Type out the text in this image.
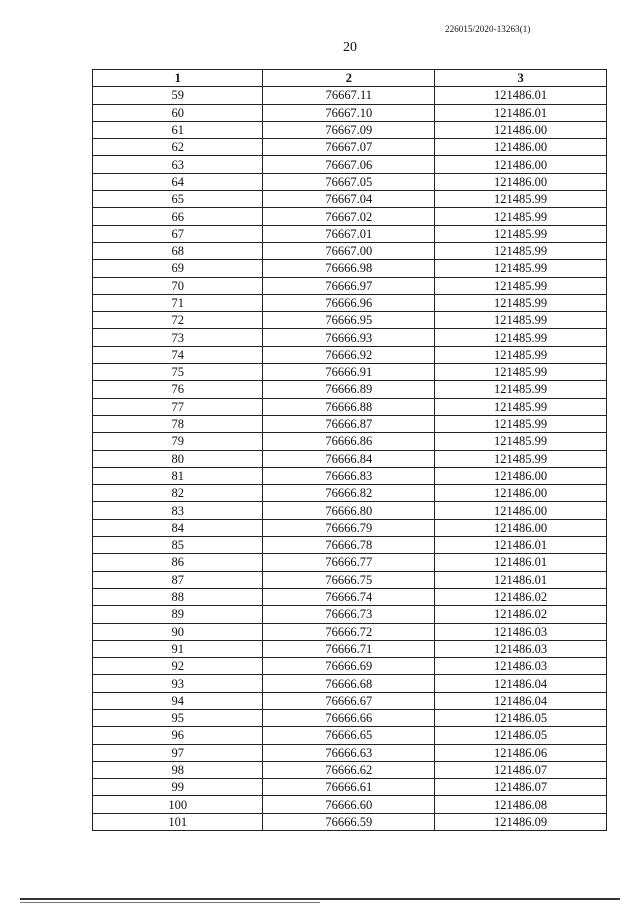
226015/2020-13263(1)
20
1	2	3
59	76667.11	121486.01
60	76667.10	121486.01
61	76667.09	121486.00
62	76667.07	121486.00
63	76667.06	121486.00
64	76667.05	121486.00
65	76667.04	121485.99
66	76667.02	121485.99
67	76667.01	121485.99
68	76667.00	121485.99
69	76666.98	121485.99
70	76666.97	121485.99
71	76666.96	121485.99
72	76666.95	121485.99
73	76666.93	121485.99
74	76666.92	121485.99
75	76666.91	121485.99
76	76666.89	121485.99
77	76666.88	121485.99
78	76666.87	121485.99
79	76666.86	121485.99
80	76666.84	121485.99
81	76666.83	121486.00
82	76666.82	121486.00
83	76666.80	121486.00
84	76666.79	121486.00
85	76666.78	121486.01
86	76666.77	121486.01
87	76666.75	121486.01
88	76666.74	121486.02
89	76666.73	121486.02
90	76666.72	121486.03
91	76666.71	121486.03
92	76666.69	121486.03
93	76666.68	121486.04
94	76666.67	121486.04
95	76666.66	121486.05
96	76666.65	121486.05
97	76666.63	121486.06
98	76666.62	121486.07
99	76666.61	121486.07
100	76666.60	121486.08
101	76666.59	121486.09
